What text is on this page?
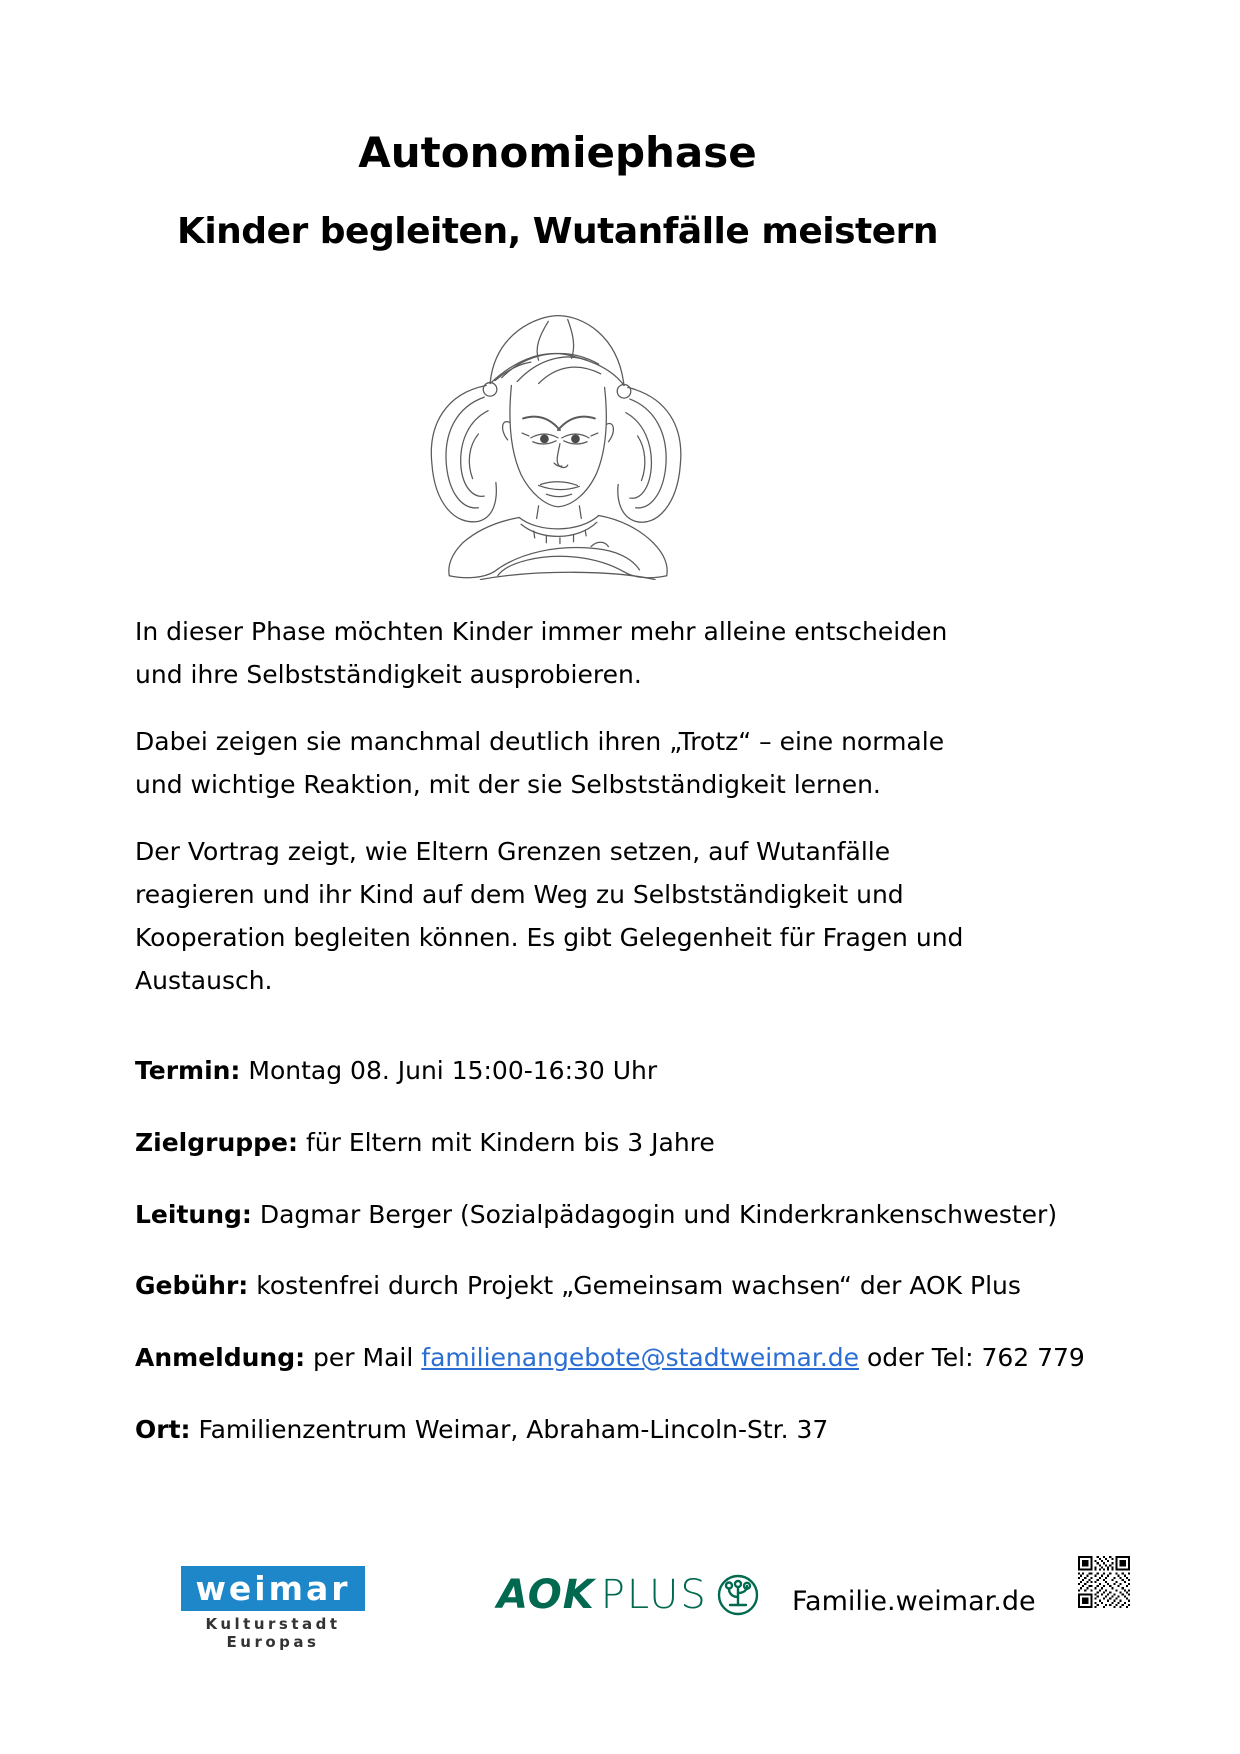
Autonomiephase
Kinder begleiten, Wutanfälle meistern

In dieser Phase möchten Kinder immer mehr alleine entscheiden und ihre Selbstständigkeit ausprobieren.

Dabei zeigen sie manchmal deutlich ihren „Trotz“ – eine normale und wichtige Reaktion, mit der sie Selbstständigkeit lernen.

Der Vortrag zeigt, wie Eltern Grenzen setzen, auf Wutanfälle reagieren und ihr Kind auf dem Weg zu Selbstständigkeit und Kooperation begleiten können. Es gibt Gelegenheit für Fragen und Austausch.

Termin: Montag 08. Juni 15:00-16:30 Uhr

Zielgruppe: für Eltern mit Kindern bis 3 Jahre

Leitung: Dagmar Berger (Sozialpädagogin und Kinderkrankenschwester)

Gebühr: kostenfrei durch Projekt „Gemeinsam wachsen“ der AOK Plus

Anmeldung: per Mail familienangebote@stadtweimar.de oder Tel: 762 779

Ort: Familienzentrum Weimar, Abraham-Lincoln-Str. 37

weimar
Kulturstadt Europas
AOK PLUS	Familie.weimar.de
